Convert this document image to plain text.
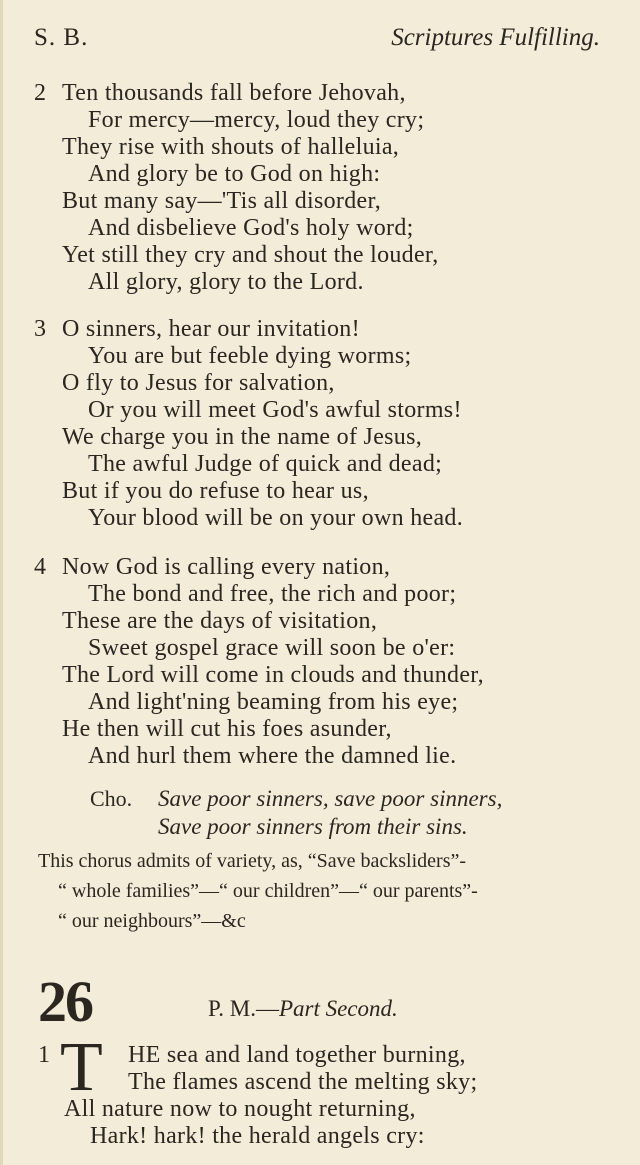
S. B.	Scriptures Fulfilling.
2 Ten thousands fall before Jehovah,
For mercy—mercy, loud they cry;
They rise with shouts of halleluia,
And glory be to God on high:
But many say—'Tis all disorder,
And disbelieve God's holy word;
Yet still they cry and shout the louder,
All glory, glory to the Lord.
3 O sinners, hear our invitation!
You are but feeble dying worms;
O fly to Jesus for salvation,
Or you will meet God's awful storms!
We charge you in the name of Jesus,
The awful Judge of quick and dead;
But if you do refuse to hear us,
Your blood will be on your own head.
4 Now God is calling every nation,
The bond and free, the rich and poor;
These are the days of visitation,
Sweet gospel grace will soon be o'er:
The Lord will come in clouds and thunder,
And light'ning beaming from his eye;
He then will cut his foes asunder,
And hurl them where the damned lie.
Cho. Save poor sinners, save poor sinners,
Save poor sinners from their sins.
This chorus admits of variety, as, “Save backsliders”-
“ whole families”—“ our children”—“ our parents”-
“ our neighbours”—&c
26	P. M.—Part Second.
1 T HE sea and land together burning,
The flames ascend the melting sky;
All nature now to nought returning,
Hark! hark! the herald angels cry:
